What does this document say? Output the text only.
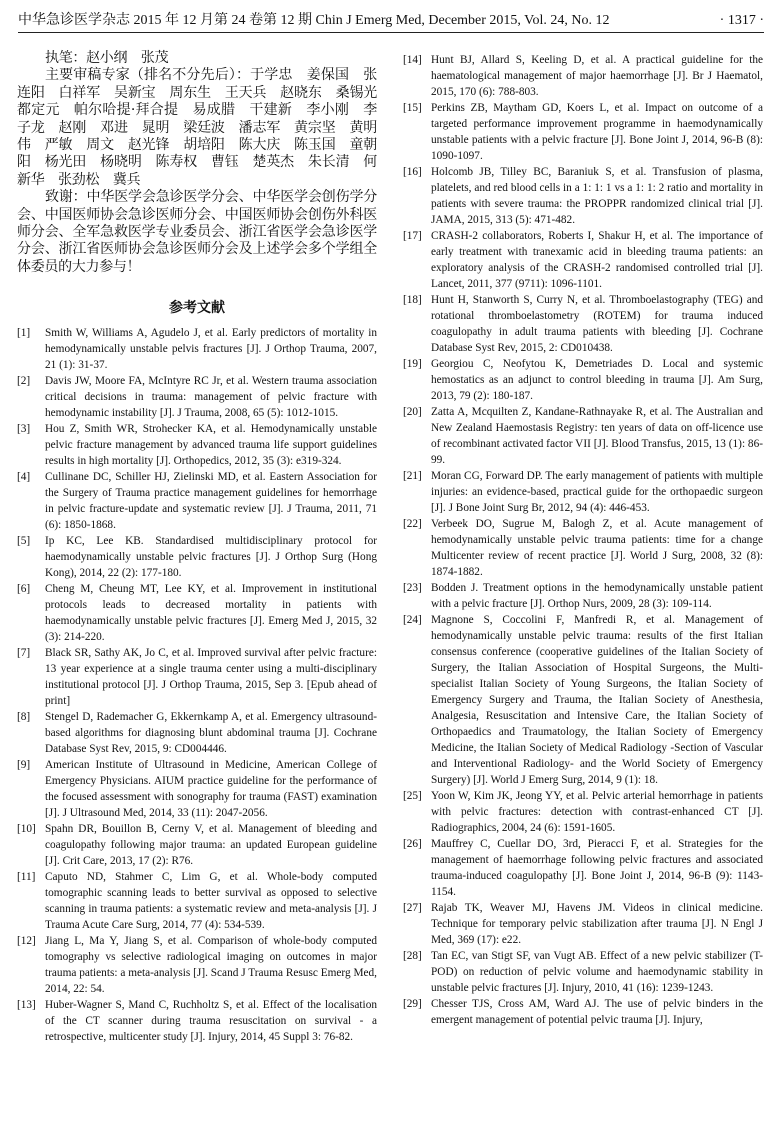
中华急诊医学杂志 2015 年 12 月第 24 卷第 12 期 Chin J Emerg Med, December 2015, Vol. 24, No. 12	· 1317 ·

执笔：赵小纲　张茂

主要审稿专家（排名不分先后）：于学忠　姜保国　张连阳　白祥军　吴新宝　周东生　王天兵　赵晓东　桑锡光　都定元　帕尔哈提·拜合提　易成腊　干建新　李小刚　李子龙　赵刚　邓进　晁明　梁廷波　潘志军　黄宗坚　黄明伟　严敏　周文　赵光锋　胡培阳　陈大庆　陈玉国　童朝阳　杨光田　杨晓明　陈寿权　曹钰　楚英杰　朱长清　何新华　张劲松　冀兵

致谢：中华医学会急诊医学分会、中华医学会创伤学分会、中国医师协会急诊医师分会、中国医师协会创伤外科医师分会、全军急救医学专业委员会、浙江省医学会急诊医学分会、浙江省医师协会急诊医师分会及上述学会多个学组全体委员的大力参与！

参考文献
[1]	Smith W, Williams A, Agudelo J, et al. Early predictors of mortality in hemodynamically unstable pelvis fractures [J]. J Orthop Trauma, 2007, 21 (1): 31-37.
[2]	Davis JW, Moore FA, McIntyre RC Jr, et al. Western trauma association critical decisions in trauma: management of pelvic fracture with hemodynamic instability [J]. J Trauma, 2008, 65 (5): 1012-1015.
[3]	Hou Z, Smith WR, Strohecker KA, et al. Hemodynamically unstable pelvic fracture management by advanced trauma life support guidelines results in high mortality [J]. Orthopedics, 2012, 35 (3): e319-324.
[4]	Cullinane DC, Schiller HJ, Zielinski MD, et al. Eastern Association for the Surgery of Trauma practice management guidelines for hemorrhage in pelvic fracture-update and systematic review [J]. J Trauma, 2011, 71 (6): 1850-1868.
[5]	Ip KC, Lee KB. Standardised multidisciplinary protocol for haemodynamically unstable pelvic fractures [J]. J Orthop Surg (Hong Kong), 2014, 22 (2): 177-180.
[6]	Cheng M, Cheung MT, Lee KY, et al. Improvement in institutional protocols leads to decreased mortality in patients with haemodynamically unstable pelvic fractures [J]. Emerg Med J, 2015, 32 (3): 214-220.
[7]	Black SR, Sathy AK, Jo C, et al. Improved survival after pelvic fracture: 13 year experience at a single trauma center using a multi-disciplinary institutional protocol [J]. J Orthop Trauma, 2015, Sep 3. [Epub ahead of print]
[8]	Stengel D, Rademacher G, Ekkernkamp A, et al. Emergency ultrasound-based algorithms for diagnosing blunt abdominal trauma [J]. Cochrane Database Syst Rev, 2015, 9: CD004446.
[9]	American Institute of Ultrasound in Medicine, American College of Emergency Physicians. AIUM practice guideline for the performance of the focused assessment with sonography for trauma (FAST) examination [J]. J Ultrasound Med, 2014, 33 (11): 2047-2056.
[10] Spahn DR, Bouillon B, Cerny V, et al. Management of bleeding and coagulopathy following major trauma: an updated European guideline [J]. Crit Care, 2013, 17 (2): R76.
[11] Caputo ND, Stahmer C, Lim G, et al. Whole-body computed tomographic scanning leads to better survival as opposed to selective scanning in trauma patients: a systematic review and meta-analysis [J]. J Trauma Acute Care Surg, 2014, 77 (4): 534-539.
[12] Jiang L, Ma Y, Jiang S, et al. Comparison of whole-body computed tomography vs selective radiological imaging on outcomes in major trauma patients: a meta-analysis [J]. Scand J Trauma Resusc Emerg Med, 2014, 22: 54.
[13] Huber-Wagner S, Mand C, Ruchholtz S, et al. Effect of the localisation of the CT scanner during trauma resuscitation on survival - a retrospective, multicenter study [J]. Injury, 2014, 45 Suppl 3: 76-82.
[14] Hunt BJ, Allard S, Keeling D, et al. A practical guideline for the haematological management of major haemorrhage [J]. Br J Haematol, 2015, 170 (6): 788-803.
[15] Perkins ZB, Maytham GD, Koers L, et al. Impact on outcome of a targeted performance improvement programme in haemodynamically unstable patients with a pelvic fracture [J]. Bone Joint J, 2014, 96-B (8): 1090-1097.
[16] Holcomb JB, Tilley BC, Baraniuk S, et al. Transfusion of plasma, platelets, and red blood cells in a 1: 1: 1 vs a 1: 1: 2 ratio and mortality in patients with severe trauma: the PROPPR randomized clinical trial [J]. JAMA, 2015, 313 (5): 471-482.
[17] CRASH-2 collaborators, Roberts I, Shakur H, et al. The importance of early treatment with tranexamic acid in bleeding trauma patients: an exploratory analysis of the CRASH-2 randomised controlled trial [J]. Lancet, 2011, 377 (9711): 1096-1101.
[18] Hunt H, Stanworth S, Curry N, et al. Thromboelastography (TEG) and rotational thromboelastometry (ROTEM) for trauma induced coagulopathy in adult trauma patients with bleeding [J]. Cochrane Database Syst Rev, 2015, 2: CD010438.
[19] Georgiou C, Neofytou K, Demetriades D. Local and systemic hemostatics as an adjunct to control bleeding in trauma [J]. Am Surg, 2013, 79 (2): 180-187.
[20] Zatta A, Mcquilten Z, Kandane-Rathnayake R, et al. The Australian and New Zealand Haemostasis Registry: ten years of data on off-licence use of recombinant activated factor VII [J]. Blood Transfus, 2015, 13 (1): 86-99.
[21] Moran CG, Forward DP. The early management of patients with multiple injuries: an evidence-based, practical guide for the orthopaedic surgeon [J]. J Bone Joint Surg Br, 2012, 94 (4): 446-453.
[22] Verbeek DO, Sugrue M, Balogh Z, et al. Acute management of hemodynamically unstable pelvic trauma patients: time for a change Multicenter review of recent practice [J]. World J Surg, 2008, 32 (8): 1874-1882.
[23] Bodden J. Treatment options in the hemodynamically unstable patient with a pelvic fracture [J]. Orthop Nurs, 2009, 28 (3): 109-114.
[24] Magnone S, Coccolini F, Manfredi R, et al. Management of hemodynamically unstable pelvic trauma: results of the first Italian consensus conference (cooperative guidelines of the Italian Society of Surgery, the Italian Association of Hospital Surgeons, the Multi-specialist Italian Society of Young Surgeons, the Italian Society of Emergency Surgery and Trauma, the Italian Society of Anesthesia, Analgesia, Resuscitation and Intensive Care, the Italian Society of Orthopaedics and Traumatology, the Italian Society of Emergency Medicine, the Italian Society of Medical Radiology -Section of Vascular and Interventional Radiology- and the World Society of Emergency Surgery) [J]. World J Emerg Surg, 2014, 9 (1): 18.
[25] Yoon W, Kim JK, Jeong YY, et al. Pelvic arterial hemorrhage in patients with pelvic fractures: detection with contrast-enhanced CT [J]. Radiographics, 2004, 24 (6): 1591-1605.
[26] Mauffrey C, Cuellar DO, 3rd, Pieracci F, et al. Strategies for the management of haemorrhage following pelvic fractures and associated trauma-induced coagulopathy [J]. Bone Joint J, 2014, 96-B (9): 1143-1154.
[27] Rajab TK, Weaver MJ, Havens JM. Videos in clinical medicine. Technique for temporary pelvic stabilization after trauma [J]. N Engl J Med, 369 (17): e22.
[28] Tan EC, van Stigt SF, van Vugt AB. Effect of a new pelvic stabilizer (T-POD) on reduction of pelvic volume and haemodynamic stability in unstable pelvic fractures [J]. Injury, 2010, 41 (16): 1239-1243.
[29] Chesser TJS, Cross AM, Ward AJ. The use of pelvic binders in the emergent management of potential pelvic trauma [J]. Injury,
